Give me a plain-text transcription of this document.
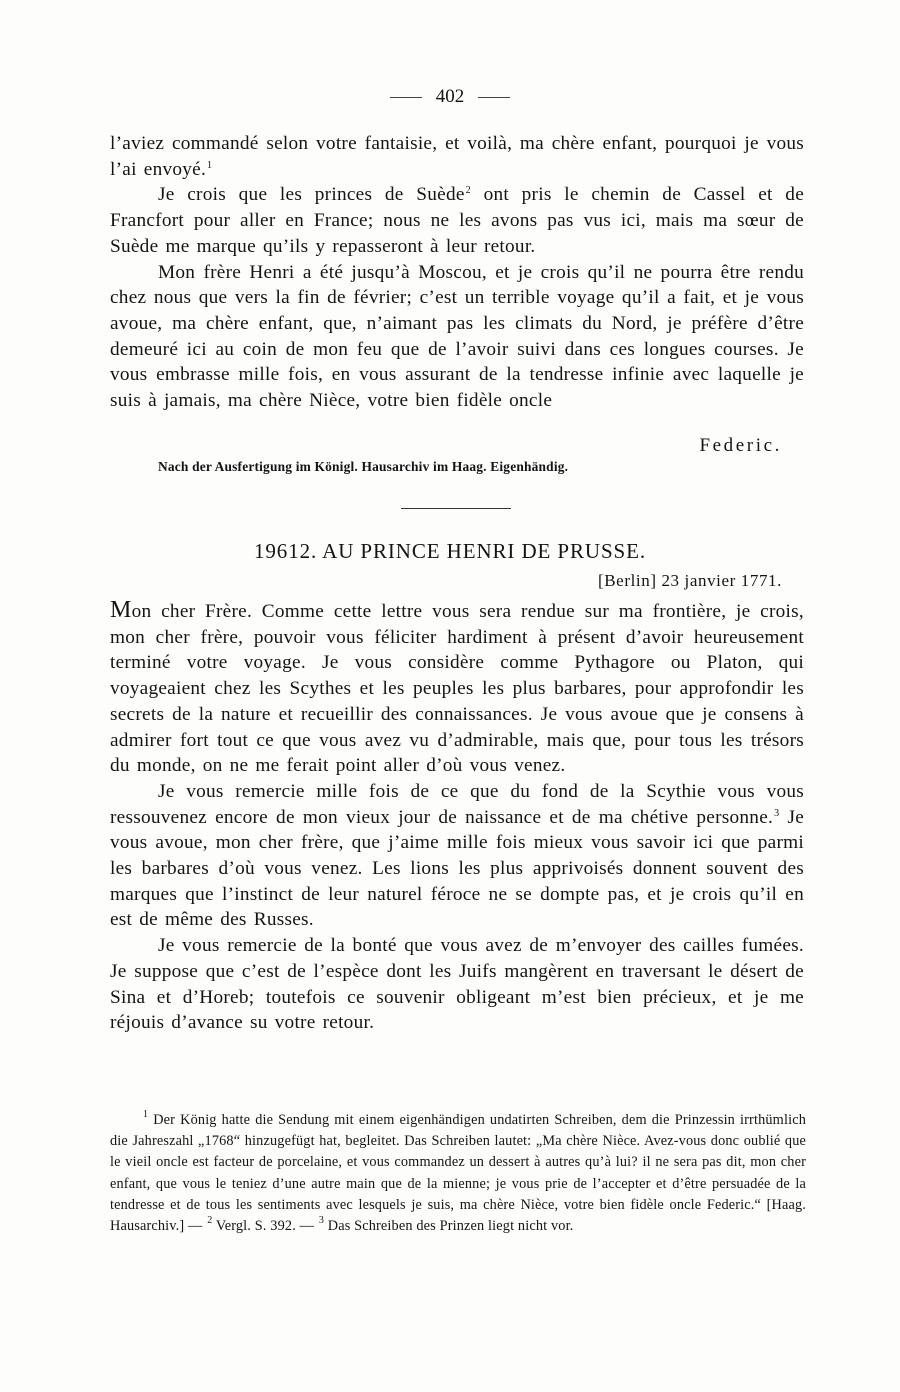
402

l’aviez commandé selon votre fantaisie, et voilà, ma chère enfant, pourquoi je vous l’ai envoyé.$^1$

Je crois que les princes de Suède$^2$ ont pris le chemin de Cassel et de Francfort pour aller en France; nous ne les avons pas vus ici, mais ma sœur de Suède me marque qu’ils y repasseront à leur retour.

Mon frère Henri a été jusqu’à Moscou, et je crois qu’il ne pourra être rendu chez nous que vers la fin de février; c’est un terrible voyage qu’il a fait, et je vous avoue, ma chère enfant, que, n’aimant pas les climats du Nord, je préfère d’être demeuré ici au coin de mon feu que de l’avoir suivi dans ces longues courses. Je vous embrasse mille fois, en vous assurant de la tendresse infinie avec laquelle je suis à jamais, ma chère Nièce, votre bien fidèle oncle

Federic.
Nach der Ausfertigung im Königl. Hausarchiv im Haag. Eigenhändig.
19612. AU PRINCE HENRI DE PRUSSE.
[Berlin] 23 janvier 1771.

Mon cher Frère. Comme cette lettre vous sera rendue sur ma frontière, je crois, mon cher frère, pouvoir vous féliciter hardiment à présent d’avoir heureusement terminé votre voyage. Je vous considère comme Pythagore ou Platon, qui voyageaient chez les Scythes et les peuples les plus barbares, pour approfondir les secrets de la nature et recueillir des connaissances. Je vous avoue que je consens à admirer fort tout ce que vous avez vu d’admirable, mais que, pour tous les trésors du monde, on ne me ferait point aller d’où vous venez.

Je vous remercie mille fois de ce que du fond de la Scythie vous vous ressouvenez encore de mon vieux jour de naissance et de ma chétive personne.$^3$ Je vous avoue, mon cher frère, que j’aime mille fois mieux vous savoir ici que parmi les barbares d’où vous venez. Les lions les plus apprivoisés donnent souvent des marques que l’instinct de leur naturel féroce ne se dompte pas, et je crois qu’il en est de même des Russes.

Je vous remercie de la bonté que vous avez de m’envoyer des cailles fumées. Je suppose que c’est de l’espèce dont les Juifs mangèrent en traversant le désert de Sina et d’Horeb; toutefois ce souvenir obligeant m’est bien précieux, et je me réjouis d’avance su votre retour.

$^1$ Der König hatte die Sendung mit einem eigenhändigen undatirten Schreiben, dem die Prinzessin irrthümlich die Jahreszahl „1768“ hinzugefügt hat, begleitet. Das Schreiben lautet: „Ma chère Nièce. Avez-vous donc oublié que le vieil oncle est facteur de porcelaine, et vous commandez un dessert à autres qu’à lui? il ne sera pas dit, mon cher enfant, que vous le teniez d’une autre main que de la mienne; je vous prie de l’accepter et d’être persuadée de la tendresse et de tous les sentiments avec lesquels je suis, ma chère Nièce, votre bien fidèle oncle Federic.“ [Haag. Hausarchiv.] — $^2$ Vergl. S. 392. — $^3$ Das Schreiben des Prinzen liegt nicht vor.
